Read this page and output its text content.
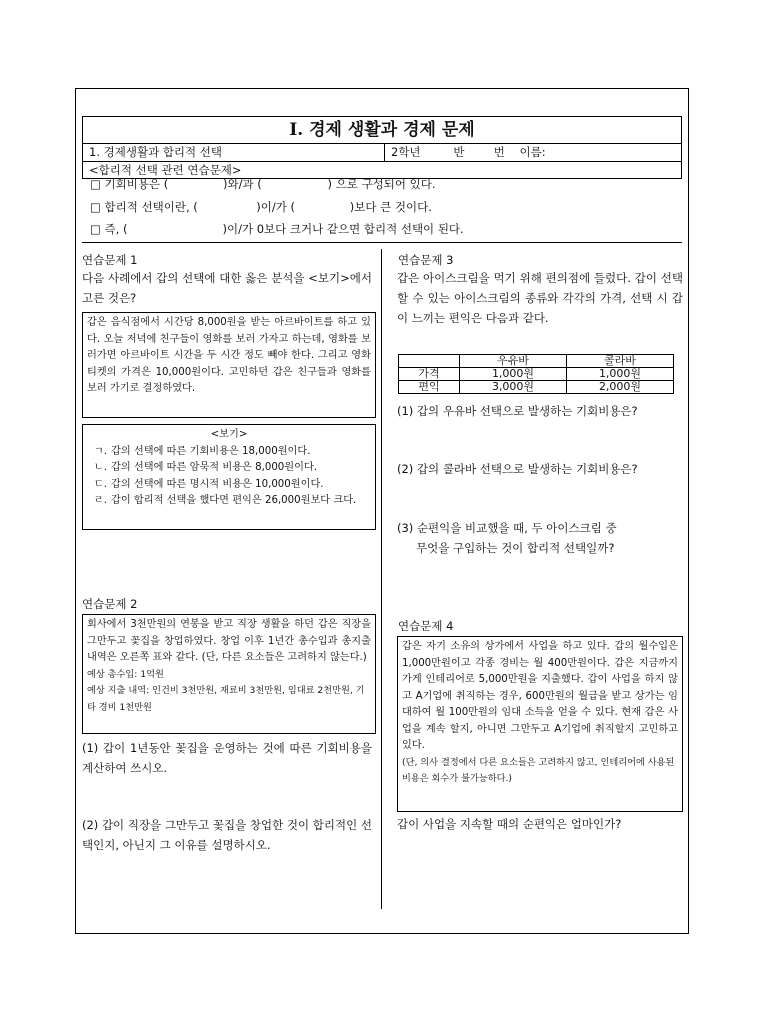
I. 경제 생활과 경제 문제
1. 경제생활과 합리적 선택	2학년         반        번    이름:
<합리적 선택 관련 연습문제>
□ 기회비용은 (               )와/과 (                  ) 으로 구성되어 있다.
□ 합리적 선택이란, (                )이/가 (               )보다 큰 것이다.
□ 즉, (                          )이/가 0보다 크거나 같으면 합리적 선택이 된다.
연습문제 1
다음 사례에서 갑의 선택에 대한 옳은 분석을 <보기>에서 고른 것은?
갑은 음식점에서 시간당 8,000원을 받는 아르바이트를 하고 있다. 오늘 저녁에 친구들이 영화를 보러 가자고 하는데, 영화를 보러가면 아르바이트 시간을 두 시간 정도 빼야 한다. 그리고 영화 티켓의 가격은 10,000원이다. 고민하던 갑은 친구들과 영화를 보러 가기로 결정하였다.
<보기>
ㄱ. 갑의 선택에 따른 기회비용은 18,000원이다.
ㄴ. 갑의 선택에 따른 암묵적 비용은 8,000원이다.
ㄷ. 갑의 선택에 따른 명시적 비용은 10,000원이다.
ㄹ. 갑이 합리적 선택을 했다면 편익은 26,000원보다 크다.
연습문제 2
회사에서 3천만원의 연봉을 받고 직장 생활을 하던 갑은 직장을 그만두고 꽃집을 창업하였다. 창업 이후 1년간 총수입과 총지출 내역은 오른쪽 표와 같다. (단, 다른 요소들은 고려하지 않는다.)
예상 총수입: 1억원
예상 지출 내역: 인건비 3천만원, 재료비 3천만원, 임대료 2천만원, 기타 경비 1천만원
(1) 갑이 1년동안 꽃집을 운영하는 것에 따른 기회비용을 계산하여 쓰시오.
(2) 갑이 직장을 그만두고 꽃집을 창업한 것이 합리적인 선택인지, 아닌지 그 이유를 설명하시오.
연습문제 3
갑은 아이스크림을 먹기 위해 편의점에 들렀다. 갑이 선택할 수 있는 아이스크림의 종류와 각각의 가격, 선택 시 갑이 느끼는 편익은 다음과 같다.
	우유바	콜라바
가격	1,000원	1,000원
편익	3,000원	2,000원
(1) 갑의 우유바 선택으로 발생하는 기회비용은?
(2) 갑의 콜라바 선택으로 발생하는 기회비용은?
(3) 순편익을 비교했을 때, 두 아이스크림 중
무엇을 구입하는 것이 합리적 선택일까?
연습문제 4
갑은 자기 소유의 상가에서 사업을 하고 있다. 갑의 월수입은 1,000만원이고 각종 경비는 월 400만원이다. 갑은 지금까지 가게 인테리어로 5,000만원을 지출했다. 갑이 사업을 하지 않고 A기업에 취직하는 경우, 600만원의 월급을 받고 상가는 임대하여 월 100만원의 임대 소득을 얻을 수 있다. 현재 갑은 사업을 계속 할지, 아니면 그만두고 A기업에 취직할지 고민하고 있다.
(단, 의사 결정에서 다른 요소들은 고려하지 않고, 인테리어에 사용된 비용은 회수가 불가능하다.)
갑이 사업을 지속할 때의 순편익은 얼마인가?
